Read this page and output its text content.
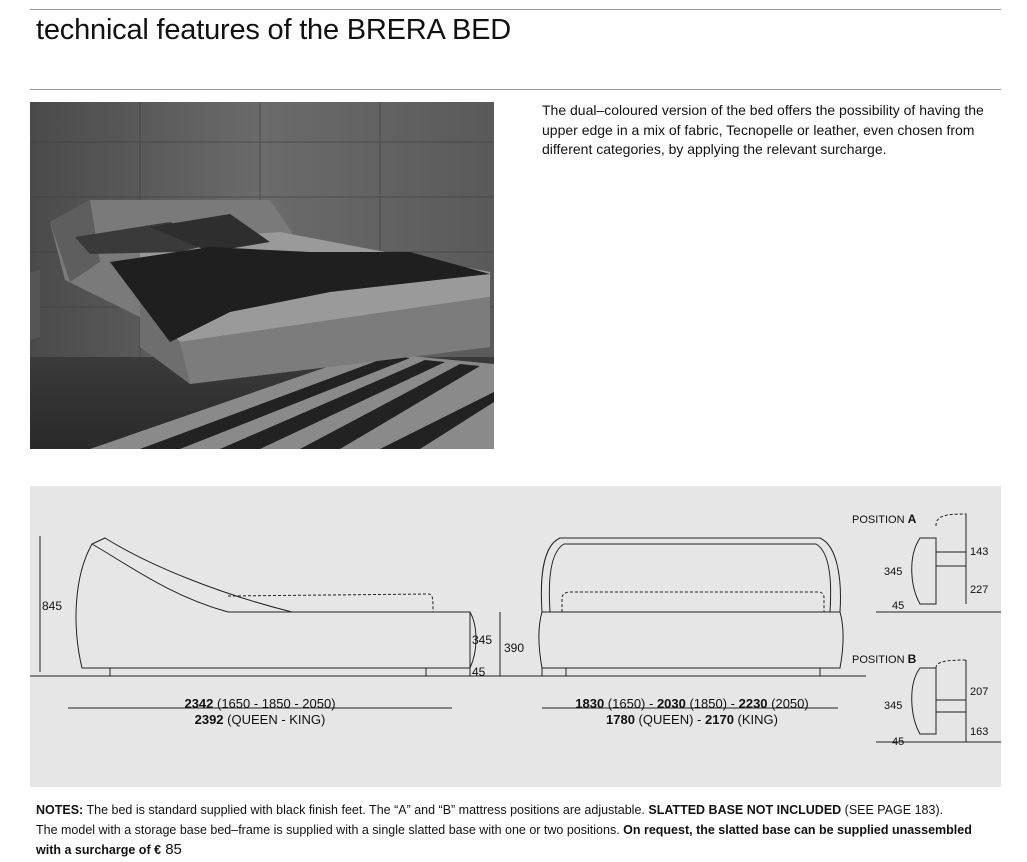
technical features of the BRERA BED

The dual–coloured version of the bed offers the possibility of having the upper edge in a mix of fabric, Tecnopelle or leather, even chosen from different categories, by applying the relevant surcharge.

845
345
390
45
2342 (1650 - 1850 - 2050)
2392 (QUEEN - KING)
1830 (1650) - 2030 (1850) - 2230 (2050)
1780 (QUEEN) - 2170 (KING)
POSITION A
345
143
227
45
POSITION B
345
207
163
45

NOTES: The bed is standard supplied with black finish feet. The “A” and “B” mattress positions are adjustable. SLATTED BASE NOT INCLUDED (SEE PAGE 183).
The model with a storage base bed–frame is supplied with a single slatted base with one or two positions. On request, the slatted base can be supplied unassembled
with a surcharge of € 85
